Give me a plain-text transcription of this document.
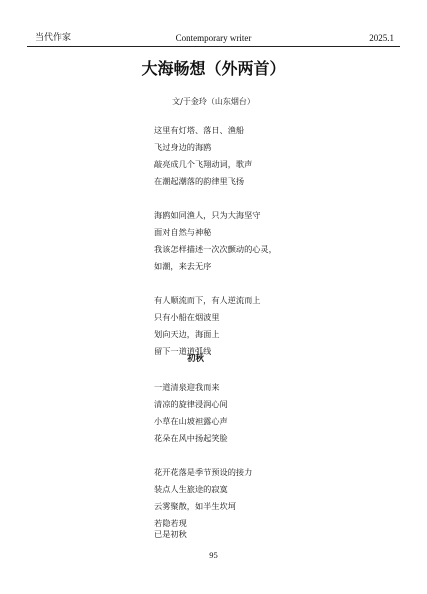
当代作家	Contemporary writer	2025.1
大海畅想（外两首）
文/于金玲（山东烟台）
这里有灯塔、落日、渔船
飞过身边的海鸥
敲亮成几个飞翔动词，歌声
在潮起潮落的韵律里飞扬
海鸥如同渔人，只为大海坚守
面对自然与神秘
我该怎样描述一次次颤动的心灵，
如潮，来去无序
有人顺流而下，有人逆流而上
只有小船在烟波里
划向天边，海面上
留下一道道弧线
初秋
一道清泉迎我而来
清凉的旋律浸润心间
小草在山坡袒露心声
花朵在风中扬起笑脸
花开花落是季节预设的接力
装点人生旅途的寂寞
云雾聚散，如半生坎坷
若隐若现
已是初秋
95
